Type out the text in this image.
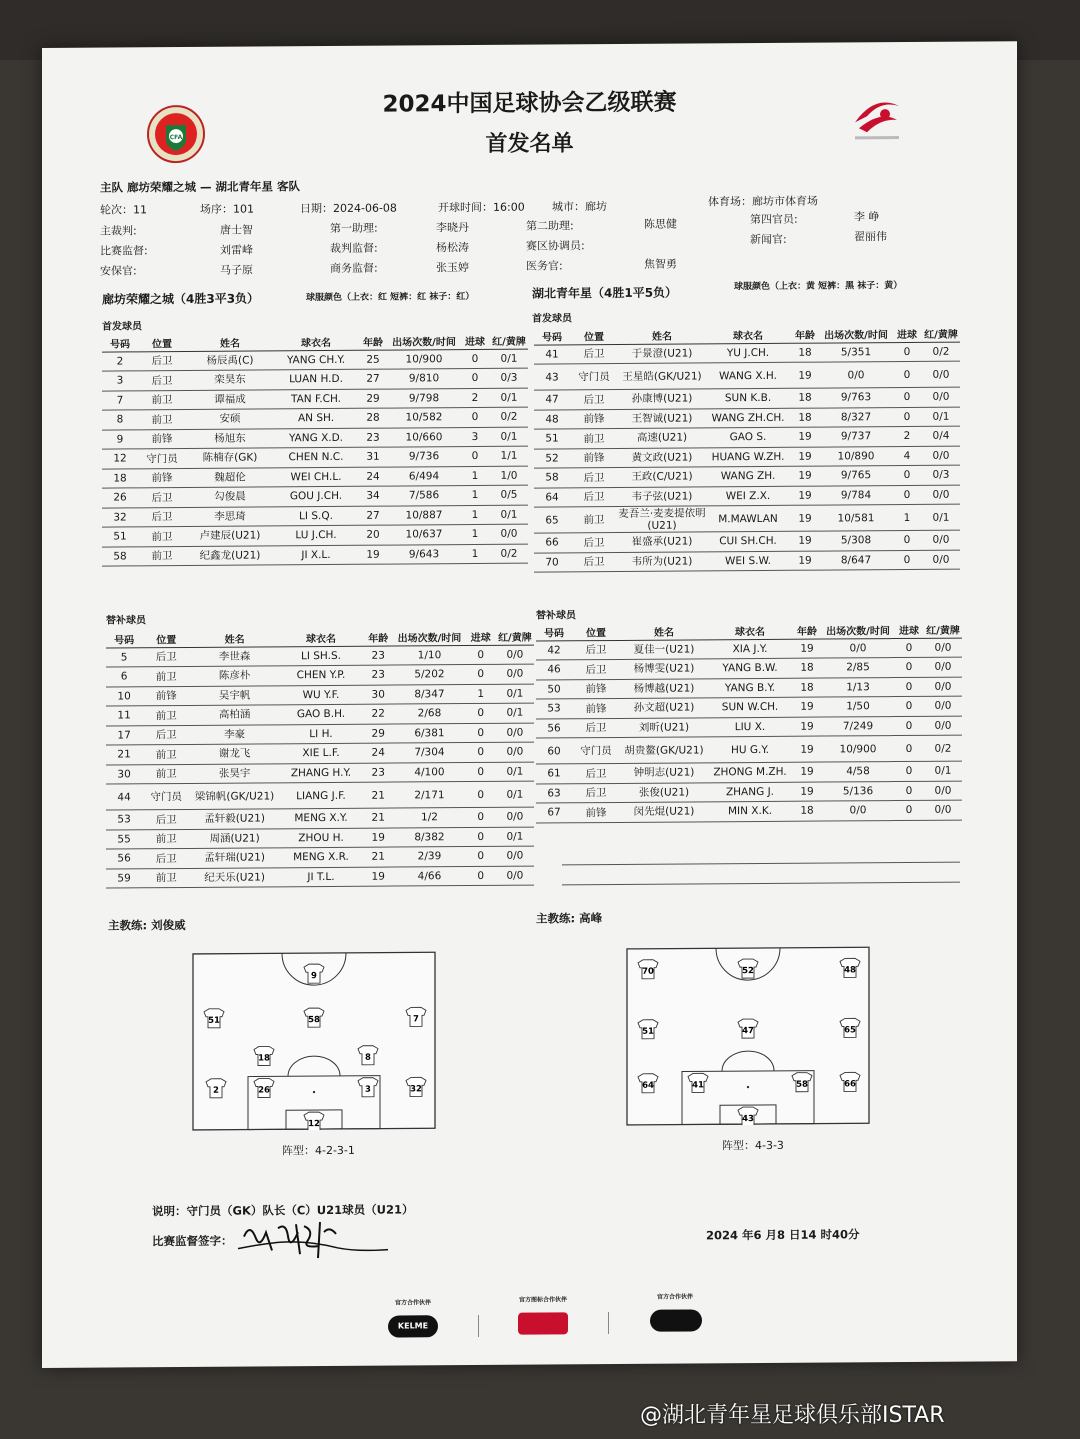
CFA
2024中国足球协会乙级联赛
首发名单
主队 廊坊荣耀之城 — 湖北青年星 客队
轮次：11	场序：101	日期：2024-06-08	开球时间：16:00 城市：廊坊	体育场： 廊坊市体育场
主裁判:	唐士智	第一助理:	李晓丹	第二助理:	陈思健	第四官员:	李 峥
比赛监督:	刘雷峰	裁判监督:	杨松涛	赛区协调员:	新闻官:	翟丽伟
安保官:	马子原	商务监督:	张玉婷	医务官:	焦智勇
廊坊荣耀之城（4胜3平3负）	球服颜色（上衣：红 短裤：红 袜子：红）	湖北青年星（4胜1平5负）	球服颜色（上衣：黄 短裤：黑 袜子：黄）
首发球员
首发球员
号码	位置	姓名	球衣名	年龄	出场次数/时间	进球	红/黄牌
2	后卫	杨辰禹(C)	YANG CH.Y.	25	10/900	0	0/1
3	后卫	栾昊东	LUAN H.D.	27	9/810	0	0/3
7	前卫	谭福成	TAN F.CH.	29	9/798	2	0/1
8	前卫	安硕	AN SH.	28	10/582	0	0/2
9	前锋	杨旭东	YANG X.D.	23	10/660	3	0/1
12	守门员	陈楠存(GK)	CHEN N.C.	31	9/736	0	1/1
18	前锋	魏超伦	WEI CH.L.	24	6/494	1	1/0
26	后卫	勾俊晨	GOU J.CH.	34	7/586	1	0/5
32	后卫	李思琦	LI S.Q.	27	10/887	1	0/1
51	前卫	卢建辰(U21)	LU J.CH.	20	10/637	1	0/0
58	前卫	纪鑫龙(U21)	JI X.L.	19	9/643	1	0/2
号码	位置	姓名	球衣名	年龄	出场次数/时间	进球	红/黄牌
41	后卫	于景澄(U21)	YU J.CH.	18	5/351	0	0/2
43	守门员	王星皓(GK/U21)	WANG X.H.	19	0/0	0	0/0
47	后卫	孙康博(U21)	SUN K.B.	18	9/763	0	0/0
48	前锋	王智诚(U21)	WANG ZH.CH.	18	8/327	0	0/1
51	前卫	高速(U21)	GAO S.	19	9/737	2	0/4
52	前锋	黄文政(U21)	HUANG W.ZH.	19	10/890	4	0/0
58	后卫	王政(C/U21)	WANG ZH.	19	9/765	0	0/3
64	后卫	韦子弦(U21)	WEI Z.X.	19	9/784	0	0/0
65	前卫	麦吾兰·麦麦提依明(U21)	M.MAWLAN	19	10/581	1	0/1
66	后卫	崔盛承(U21)	CUI SH.CH.	19	5/308	0	0/0
70	后卫	韦所为(U21)	WEI S.W.	19	8/647	0	0/0
替补球员	替补球员
号码	位置	姓名	球衣名	年龄	出场次数/时间	进球	红/黄牌
5	后卫	李世森	LI SH.S.	23	1/10	0	0/0
6	前卫	陈彦朴	CHEN Y.P.	23	5/202	0	0/0
10	前锋	吴宇帆	WU Y.F.	30	8/347	1	0/1
11	前卫	高柏涵	GAO B.H.	22	2/68	0	0/1
17	后卫	李豪	LI H.	29	6/381	0	0/0
21	前卫	谢龙飞	XIE L.F.	24	7/304	0	0/0
30	前卫	张昊宇	ZHANG H.Y.	23	4/100	0	0/1
44	守门员	梁锦帆(GK/U21)	LIANG J.F.	21	2/171	0	0/1
53	后卫	孟轩毅(U21)	MENG X.Y.	21	1/2	0	0/0
55	前卫	周涵(U21)	ZHOU H.	19	8/382	0	0/1
56	后卫	孟轩瑞(U21)	MENG X.R.	21	2/39	0	0/0
59	前卫	纪天乐(U21)	JI T.L.	19	4/66	0	0/0
号码	位置	姓名	球衣名	年龄	出场次数/时间	进球	红/黄牌
42	后卫	夏佳一(U21)	XIA J.Y.	19	0/0	0	0/0
46	后卫	杨博雯(U21)	YANG B.W.	18	2/85	0	0/0
50	前锋	杨博越(U21)	YANG B.Y.	18	1/13	0	0/0
53	前锋	孙文超(U21)	SUN W.CH.	19	1/50	0	0/0
56	后卫	刘昕(U21)	LIU X.	19	7/249	0	0/0
60	守门员	胡贵鳌(GK/U21)	HU G.Y.	19	10/900	0	0/2
61	后卫	钟明志(U21)	ZHONG M.ZH.	19	4/58	0	0/1
63	后卫	张俊(U21)	ZHANG J.	19	5/136	0	0/0
67	前锋	闵先焜(U21)	MIN X.K.	18	0/0	0	0/0
主教练: 刘俊威	主教练: 高峰
9
51	58	7
18	8
2	26	3	32
12
阵型：4-2-3-1
70	52	48
51	47	65
64	41	58	66
43
阵型：4-3-3
说明：守门员（GK）队长（C）U21球员（U21）
比赛监督签字：	2024 年6 月8 日14 时40分
官方合作伙伴
KELME
官方图标合作伙伴	官方合作伙伴
@湖北青年星足球俱乐部ISTAR
